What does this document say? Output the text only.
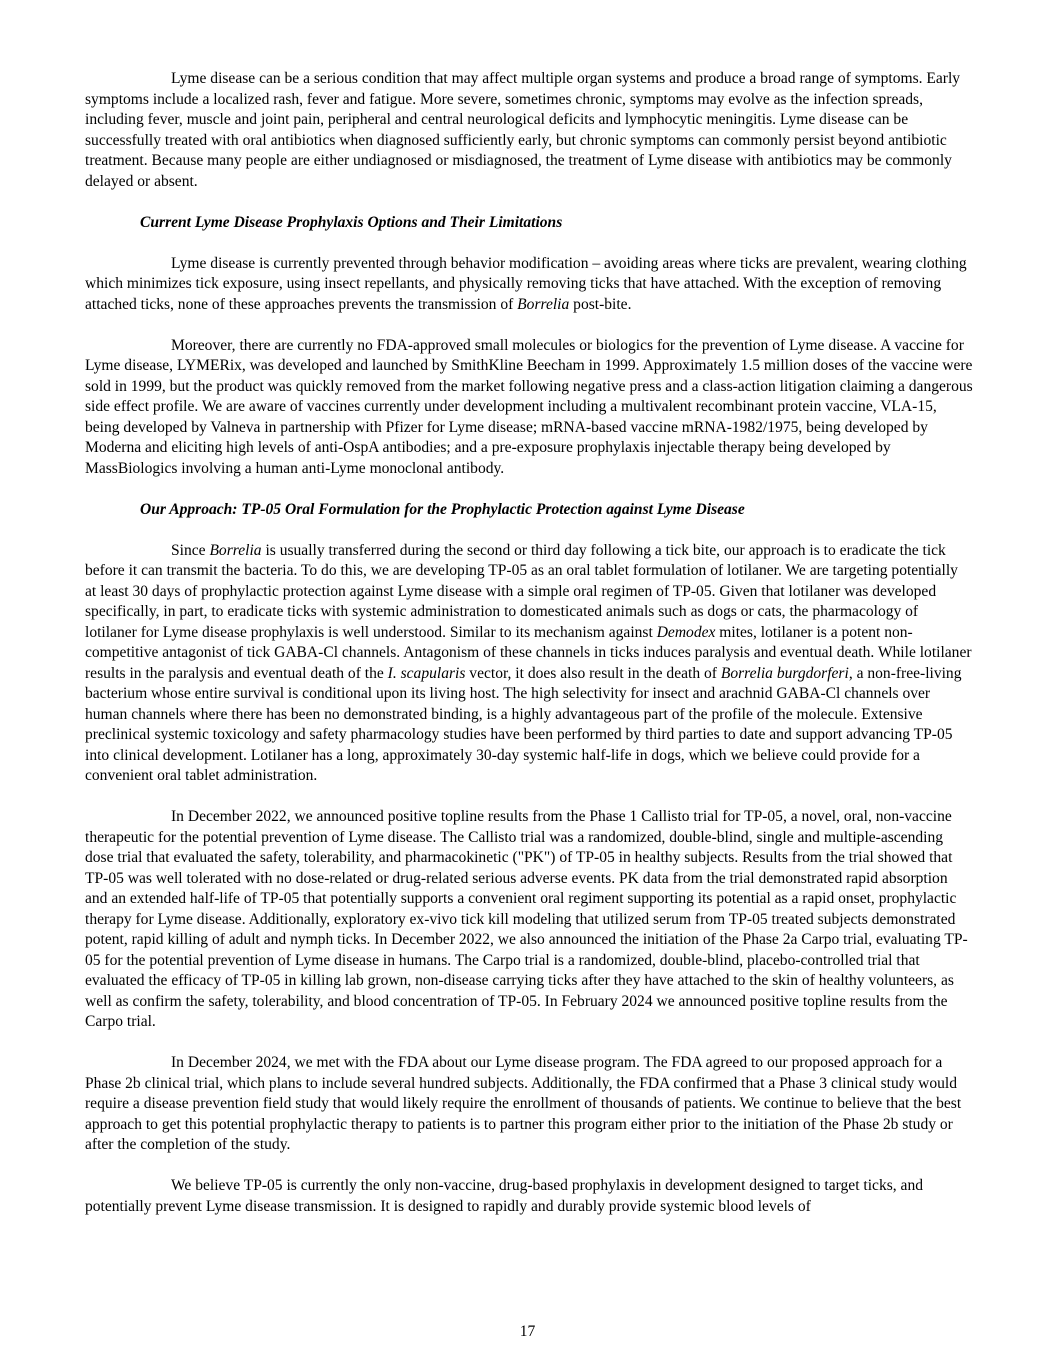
Lyme disease can be a serious condition that may affect multiple organ systems and produce a broad range of symptoms. Early symptoms include a localized rash, fever and fatigue. More severe, sometimes chronic, symptoms may evolve as the infection spreads, including fever, muscle and joint pain, peripheral and central neurological deficits and lymphocytic meningitis. Lyme disease can be successfully treated with oral antibiotics when diagnosed sufficiently early, but chronic symptoms can commonly persist beyond antibiotic treatment. Because many people are either undiagnosed or misdiagnosed, the treatment of Lyme disease with antibiotics may be commonly delayed or absent.

Current Lyme Disease Prophylaxis Options and Their Limitations

Lyme disease is currently prevented through behavior modification – avoiding areas where ticks are prevalent, wearing clothing which minimizes tick exposure, using insect repellants, and physically removing ticks that have attached. With the exception of removing attached ticks, none of these approaches prevents the transmission of Borrelia post-bite.

Moreover, there are currently no FDA-approved small molecules or biologics for the prevention of Lyme disease. A vaccine for Lyme disease, LYMERix, was developed and launched by SmithKline Beecham in 1999. Approximately 1.5 million doses of the vaccine were sold in 1999, but the product was quickly removed from the market following negative press and a class-action litigation claiming a dangerous side effect profile. We are aware of vaccines currently under development including a multivalent recombinant protein vaccine, VLA-15, being developed by Valneva in partnership with Pfizer for Lyme disease; mRNA-based vaccine mRNA-1982/1975, being developed by Moderna and eliciting high levels of anti-OspA antibodies; and a pre-exposure prophylaxis injectable therapy being developed by MassBiologics involving a human anti-Lyme monoclonal antibody.

Our Approach: TP-05 Oral Formulation for the Prophylactic Protection against Lyme Disease

Since Borrelia is usually transferred during the second or third day following a tick bite, our approach is to eradicate the tick before it can transmit the bacteria. To do this, we are developing TP-05 as an oral tablet formulation of lotilaner. We are targeting potentially at least 30 days of prophylactic protection against Lyme disease with a simple oral regimen of TP-05. Given that lotilaner was developed specifically, in part, to eradicate ticks with systemic administration to domesticated animals such as dogs or cats, the pharmacology of lotilaner for Lyme disease prophylaxis is well understood. Similar to its mechanism against Demodex mites, lotilaner is a potent non-competitive antagonist of tick GABA-Cl channels. Antagonism of these channels in ticks induces paralysis and eventual death. While lotilaner results in the paralysis and eventual death of the I. scapularis vector, it does also result in the death of Borrelia burgdorferi, a non-free-living bacterium whose entire survival is conditional upon its living host. The high selectivity for insect and arachnid GABA-Cl channels over human channels where there has been no demonstrated binding, is a highly advantageous part of the profile of the molecule. Extensive preclinical systemic toxicology and safety pharmacology studies have been performed by third parties to date and support advancing TP-05 into clinical development. Lotilaner has a long, approximately 30-day systemic half-life in dogs, which we believe could provide for a convenient oral tablet administration.

In December 2022, we announced positive topline results from the Phase 1 Callisto trial for TP-05, a novel, oral, non-vaccine therapeutic for the potential prevention of Lyme disease. The Callisto trial was a randomized, double-blind, single and multiple-ascending dose trial that evaluated the safety, tolerability, and pharmacokinetic ("PK") of TP-05 in healthy subjects. Results from the trial showed that TP-05 was well tolerated with no dose-related or drug-related serious adverse events. PK data from the trial demonstrated rapid absorption and an extended half-life of TP-05 that potentially supports a convenient oral regiment supporting its potential as a rapid onset, prophylactic therapy for Lyme disease. Additionally, exploratory ex-vivo tick kill modeling that utilized serum from TP-05 treated subjects demonstrated potent, rapid killing of adult and nymph ticks. In December 2022, we also announced the initiation of the Phase 2a Carpo trial, evaluating TP-05 for the potential prevention of Lyme disease in humans. The Carpo trial is a randomized, double-blind, placebo-controlled trial that evaluated the efficacy of TP-05 in killing lab grown, non-disease carrying ticks after they have attached to the skin of healthy volunteers, as well as confirm the safety, tolerability, and blood concentration of TP-05. In February 2024 we announced positive topline results from the Carpo trial.

In December 2024, we met with the FDA about our Lyme disease program. The FDA agreed to our proposed approach for a Phase 2b clinical trial, which plans to include several hundred subjects. Additionally, the FDA confirmed that a Phase 3 clinical study would require a disease prevention field study that would likely require the enrollment of thousands of patients. We continue to believe that the best approach to get this potential prophylactic therapy to patients is to partner this program either prior to the initiation of the Phase 2b study or after the completion of the study.

We believe TP-05 is currently the only non-vaccine, drug-based prophylaxis in development designed to target ticks, and potentially prevent Lyme disease transmission. It is designed to rapidly and durably provide systemic blood levels of

17
